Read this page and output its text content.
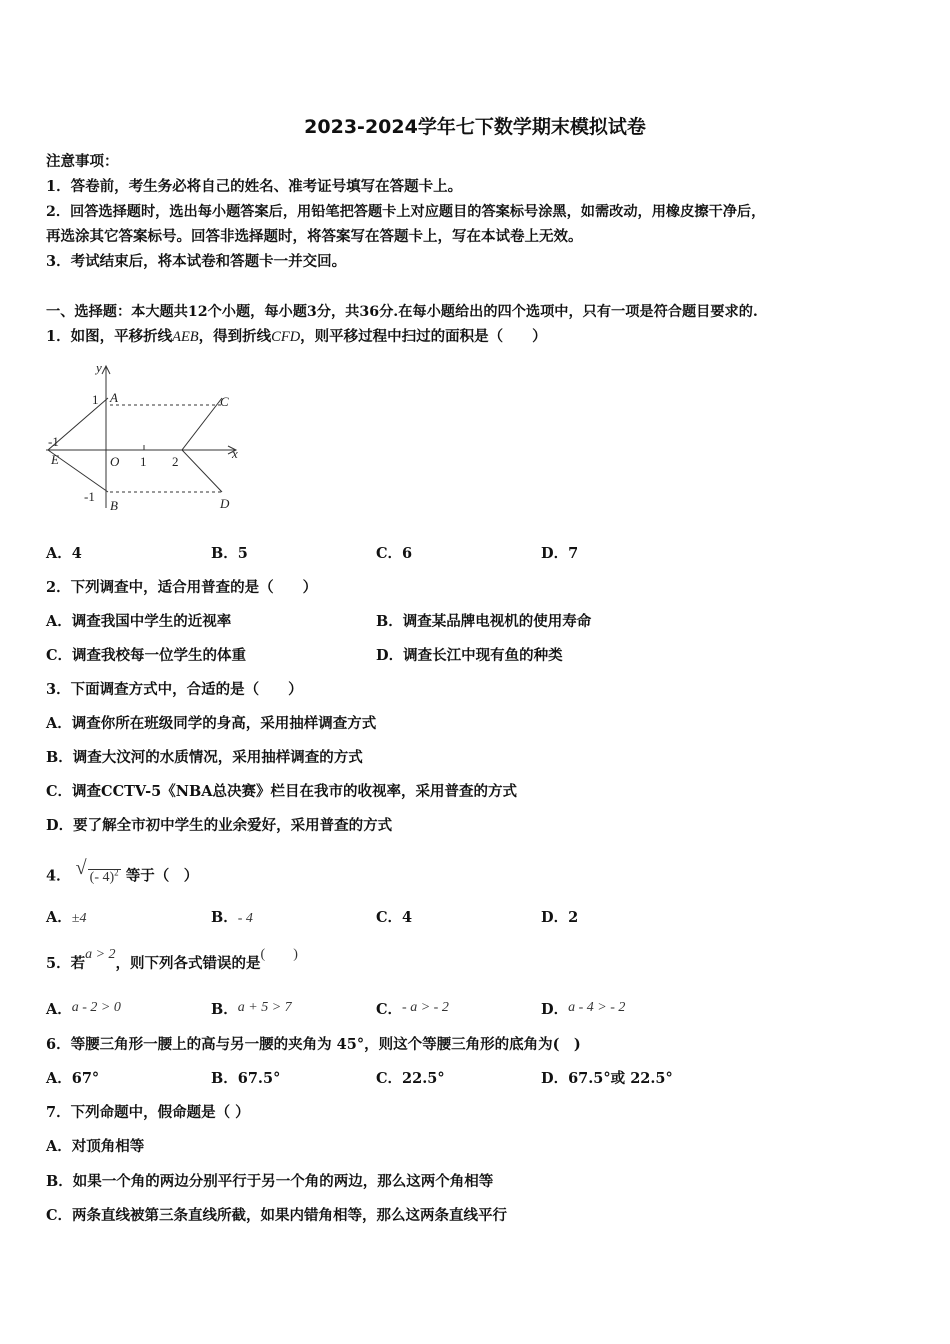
2023-2024学年七下数学期末模拟试卷
注意事项：
1．答卷前，考生务必将自己的姓名、准考证号填写在答题卡上。
2．回答选择题时，选出每小题答案后，用铅笔把答题卡上对应题目的答案标号涂黑，如需改动，用橡皮擦干净后，
再选涂其它答案标号。回答非选择题时，将答案写在答题卡上，写在本试卷上无效。
3．考试结束后，将本试卷和答题卡一并交回。
一、选择题：本大题共12个小题，每小题3分，共36分.在每小题给出的四个选项中，只有一项是符合题目要求的.
1．如图，平移折线AEB，得到折线CFD，则平移过程中扫过的面积是（　　）
y
x
A	C
E	O
B	D
1
-1
-1
1 2
A．4	B．5	C．6	D．7
2．下列调查中，适合用普查的是（　　）
A．调查我国中学生的近视率	B．调查某品牌电视机的使用寿命
C．调查我校每一位学生的体重	D．调查长江中现有鱼的种类
3．下面调查方式中，合适的是（　　）
A．调查你所在班级同学的身高，采用抽样调查方式
B．调查大汶河的水质情况，采用抽样调查的方式
C．调查CCTV-5《NBA总决赛》栏目在我市的收视率，采用普查的方式
D．要了解全市初中学生的业余爱好，采用普查的方式
4． √ (- 4)$^2$ 等于（　）
A．±4	B．- 4	C．4	D．2
5．若a > 2，则下列各式错误的是(　　)
A．a - 2 > 0	B．a + 5 > 7	C．- a > - 2	D．a - 4 > - 2
6．等腰三角形一腰上的高与另一腰的夹角为 45°，则这个等腰三角形的底角为(　)
A．67°	B．67.5°	C．22.5°	D．67.5°或 22.5°
7．下列命题中，假命题是（ ）
A．对顶角相等
B．如果一个角的两边分别平行于另一个角的两边，那么这两个角相等
C．两条直线被第三条直线所截，如果内错角相等，那么这两条直线平行
